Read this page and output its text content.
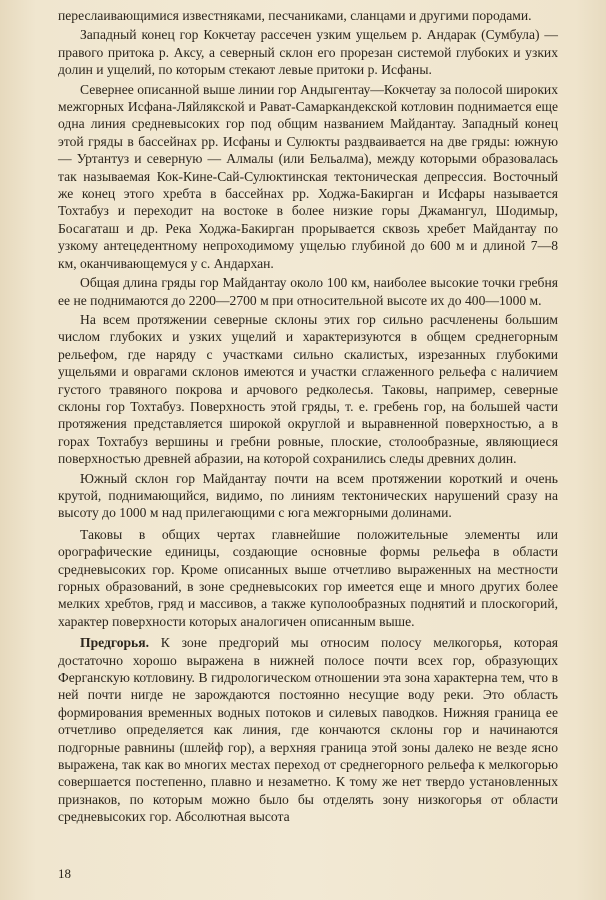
переслаивающимися известняками, песчаниками, сланцами и другими породами.

Западный конец гор Кокчетау рассечен узким ущельем р. Андарак (Сумбула) — правого притока р. Аксу, а северный склон его прорезан системой глубоких и узких долин и ущелий, по которым стекают левые притоки р. Исфаны.

Севернее описанной выше линии гор Андыгентау—Кокчетау за полосой широких межгорных Исфана-Ляйлякской и Рават-Самаркандекской котловин поднимается еще одна линия средневысоких гор под общим названием Майдантау. Западный конец этой гряды в бассейнах рр. Исфаны и Сулюкты раздваивается на две гряды: южную — Уртантуз и северную — Алмалы (или Бельалма), между которыми образовалась так называемая Кок-Кине-Сай-Сулюктинская тектоническая депрессия. Восточный же конец этого хребта в бассейнах рр. Ходжа-Бакирган и Исфары называется Тохтабуз и переходит на востоке в более низкие горы Джамангул, Шодимыр, Босагаташ и др. Река Ходжа-Бакирган прорывается сквозь хребет Майдантау по узкому антецедентному непроходимому ущелью глубиной до 600 м и длиной 7—8 км, оканчивающемуся у с. Андархан.

Общая длина гряды гор Майдантау около 100 км, наиболее высокие точки гребня ее не поднимаются до 2200—2700 м при относительной высоте их до 400—1000 м.

На всем протяжении северные склоны этих гор сильно расчленены большим числом глубоких и узких ущелий и характеризуются в общем среднегорным рельефом, где наряду с участками сильно скалистых, изрезанных глубокими ущельями и оврагами склонов имеются и участки сглаженного рельефа с наличием густого травяного покрова и арчового редколесья. Таковы, например, северные склоны гор Тохтабуз. Поверхность этой гряды, т. е. гребень гор, на большей части протяжения представляется широкой округлой и выравненной поверхностью, а в горах Тохтабуз вершины и гребни ровные, плоские, столообразные, являющиеся поверхностью древней абразии, на которой сохранились следы древних долин.

Южный склон гор Майдантау почти на всем протяжении короткий и очень крутой, поднимающийся, видимо, по линиям тектонических нарушений сразу на высоту до 1000 м над прилегающими с юга межгорными долинами.

Таковы в общих чертах главнейшие положительные элементы или орографические единицы, создающие основные формы рельефа в области средневысоких гор. Кроме описанных выше отчетливо выраженных на местности горных образований, в зоне средневысоких гор имеется еще и много других более мелких хребтов, гряд и массивов, а также куполообразных поднятий и плоскогорий, характер поверхности которых аналогичен описанным выше.

Предгорья. К зоне предгорий мы относим полосу мелкогорья, которая достаточно хорошо выражена в нижней полосе почти всех гор, образующих Ферганскую котловину. В гидрологическом отношении эта зона характерна тем, что в ней почти нигде не зарождаются постоянно несущие воду реки. Это область формирования временных водных потоков и силевых паводков. Нижняя граница ее отчетливо определяется как линия, где кончаются склоны гор и начинаются подгорные равнины (шлейф гор), а верхняя граница этой зоны далеко не везде ясно выражена, так как во многих местах переход от среднегорного рельефа к мелкогорью совершается постепенно, плавно и незаметно. К тому же нет твердо установленных признаков, по которым можно было бы отделять зону низкогорья от области средневысоких гор. Абсолютная высота

18
